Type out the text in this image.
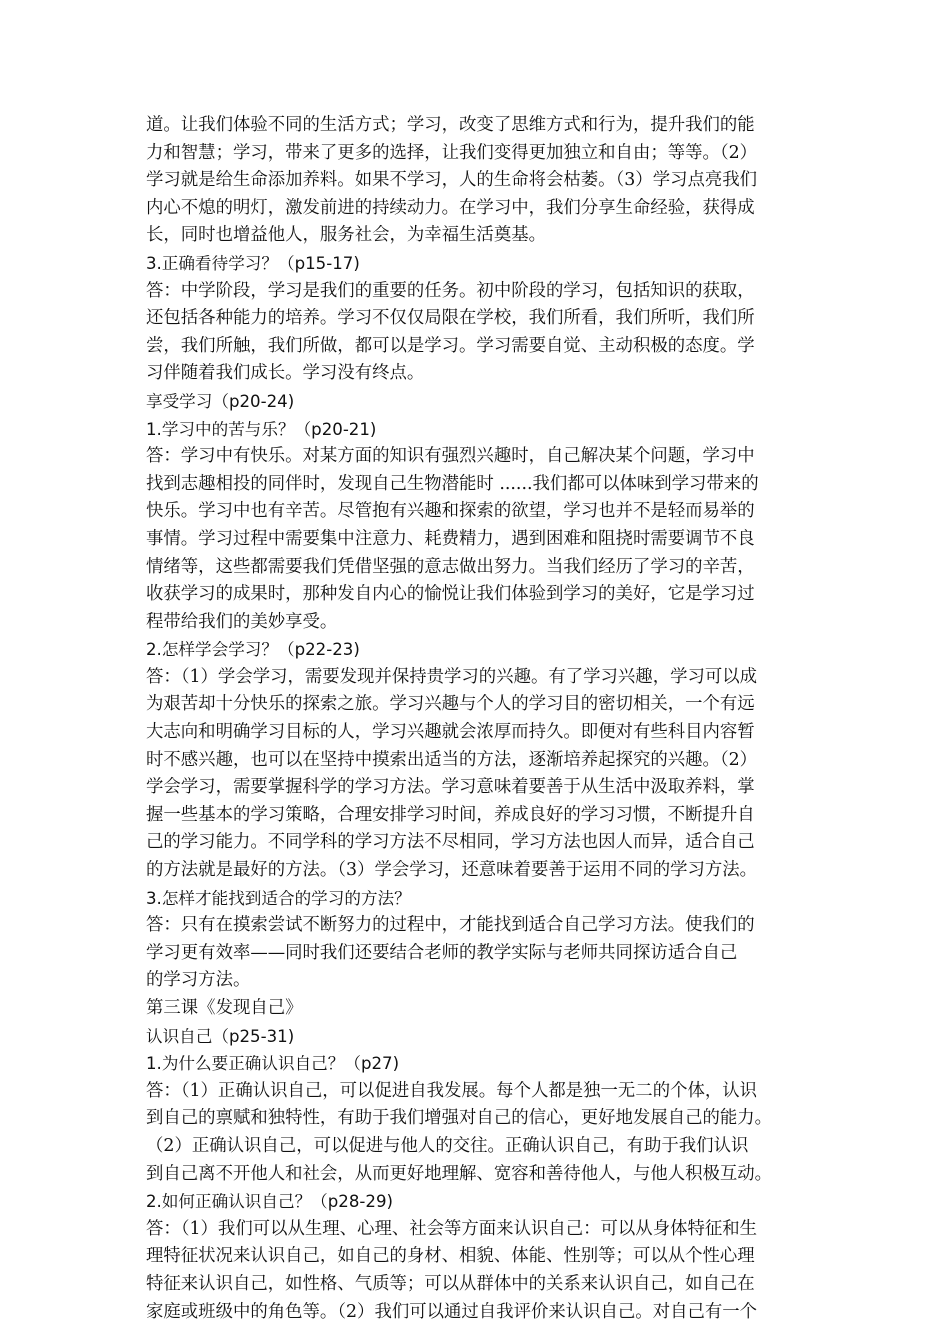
道。让我们体验不同的生活方式；学习，改变了思维方式和行为，提升我们的能
力和智慧；学习，带来了更多的选择，让我们变得更加独立和自由；等等。（2）
学习就是给生命添加养料。如果不学习，人的生命将会枯萎。（3）学习点亮我们
内心不熄的明灯，激发前进的持续动力。在学习中，我们分享生命经验，获得成
长，同时也增益他人，服务社会，为幸福生活奠基。
3.正确看待学习？（p15-17)
答：中学阶段，学习是我们的重要的任务。初中阶段的学习，包括知识的获取，
还包括各种能力的培养。学习不仅仅局限在学校，我们所看，我们所听，我们所
尝，我们所触，我们所做，都可以是学习。学习需要自觉、主动积极的态度。学
习伴随着我们成长。学习没有终点。
享受学习（p20-24)
1.学习中的苦与乐？（p20-21)
答：学习中有快乐。对某方面的知识有强烈兴趣时，自己解决某个问题，学习中
找到志趣相投的同伴时，发现自己生物潜能时 ......我们都可以体味到学习带来的
快乐。学习中也有辛苦。尽管抱有兴趣和探索的欲望，学习也并不是轻而易举的
事情。学习过程中需要集中注意力、耗费精力，遇到困难和阻挠时需要调节不良
情绪等，这些都需要我们凭借坚强的意志做出努力。当我们经历了学习的辛苦，
收获学习的成果时，那种发自内心的愉悦让我们体验到学习的美好，它是学习过
程带给我们的美妙享受。
2.怎样学会学习？（p22-23)
答：（1）学会学习，需要发现并保持贵学习的兴趣。有了学习兴趣，学习可以成
为艰苦却十分快乐的探索之旅。学习兴趣与个人的学习目的密切相关，一个有远
大志向和明确学习目标的人，学习兴趣就会浓厚而持久。即便对有些科目内容暂
时不感兴趣，也可以在坚持中摸索出适当的方法，逐渐培养起探究的兴趣。（2）
学会学习，需要掌握科学的学习方法。学习意味着要善于从生活中汲取养料，掌
握一些基本的学习策略，合理安排学习时间，养成良好的学习习惯，不断提升自
己的学习能力。不同学科的学习方法不尽相同，学习方法也因人而异，适合自己
的方法就是最好的方法。（3）学会学习，还意味着要善于运用不同的学习方法。
3.怎样才能找到适合的学习的方法？
答：只有在摸索尝试不断努力的过程中，才能找到适合自己学习方法。使我们的
学习更有效率——同时我们还要结合老师的教学实际与老师共同探访适合自己
的学习方法。
第三课《发现自己》
认识自己（p25-31)
1.为什么要正确认识自己？（p27)
答：（1）正确认识自己，可以促进自我发展。每个人都是独一无二的个体，认识
到自己的禀赋和独特性，有助于我们增强对自己的信心，更好地发展自己的能力。
（2）正确认识自己，可以促进与他人的交往。正确认识自己，有助于我们认识
到自己离不开他人和社会，从而更好地理解、宽容和善待他人，与他人积极互动。
2.如何正确认识自己？（p28-29)
答：（1）我们可以从生理、心理、社会等方面来认识自己：可以从身体特征和生
理特征状况来认识自己，如自己的身材、相貌、体能、性别等；可以从个性心理
特征来认识自己，如性格、气质等；可以从群体中的关系来认识自己，如自己在
家庭或班级中的角色等。（2）我们可以通过自我评价来认识自己。对自己有一个
